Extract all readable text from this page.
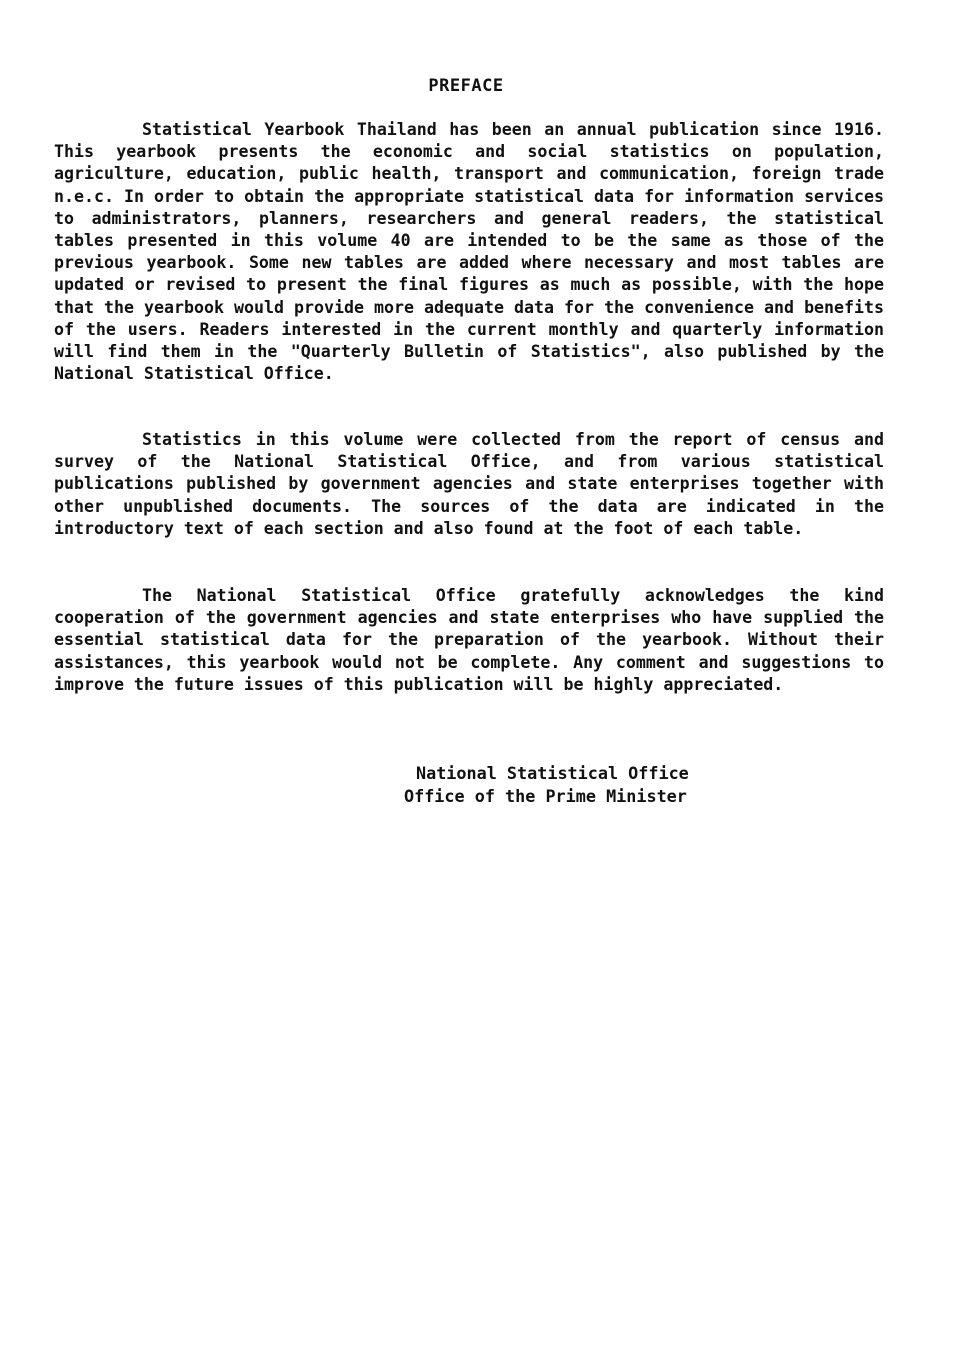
PREFACE

Statistical Yearbook Thailand has been an annual publication since 1916. This yearbook presents the economic and social statistics on population, agriculture, education, public health, transport and communication, foreign trade n.e.c. In order to obtain the appropriate statistical data for information services to administrators, planners, researchers and general readers, the statistical tables presented in this volume 40 are intended to be the same as those of the previous yearbook. Some new tables are added where necessary and most tables are updated or revised to present the final figures as much as possible, with the hope that the yearbook would provide more adequate data for the convenience and benefits of the users. Readers interested in the current monthly and quarterly information will find them in the "Quarterly Bulletin of Statistics", also published by the National Statistical Office.

Statistics in this volume were collected from the report of census and survey of the National Statistical Office, and from various statistical publications published by government agencies and state enterprises together with other unpublished documents. The sources of the data are indicated in the introductory text of each section and also found at the foot of each table.

The National Statistical Office gratefully acknowledges the kind cooperation of the government agencies and state enterprises who have supplied the essential statistical data for the preparation of the yearbook. Without their assistances, this yearbook would not be complete. Any comment and suggestions to improve the future issues of this publication will be highly appreciated.

National Statistical Office
Office of the Prime Minister
